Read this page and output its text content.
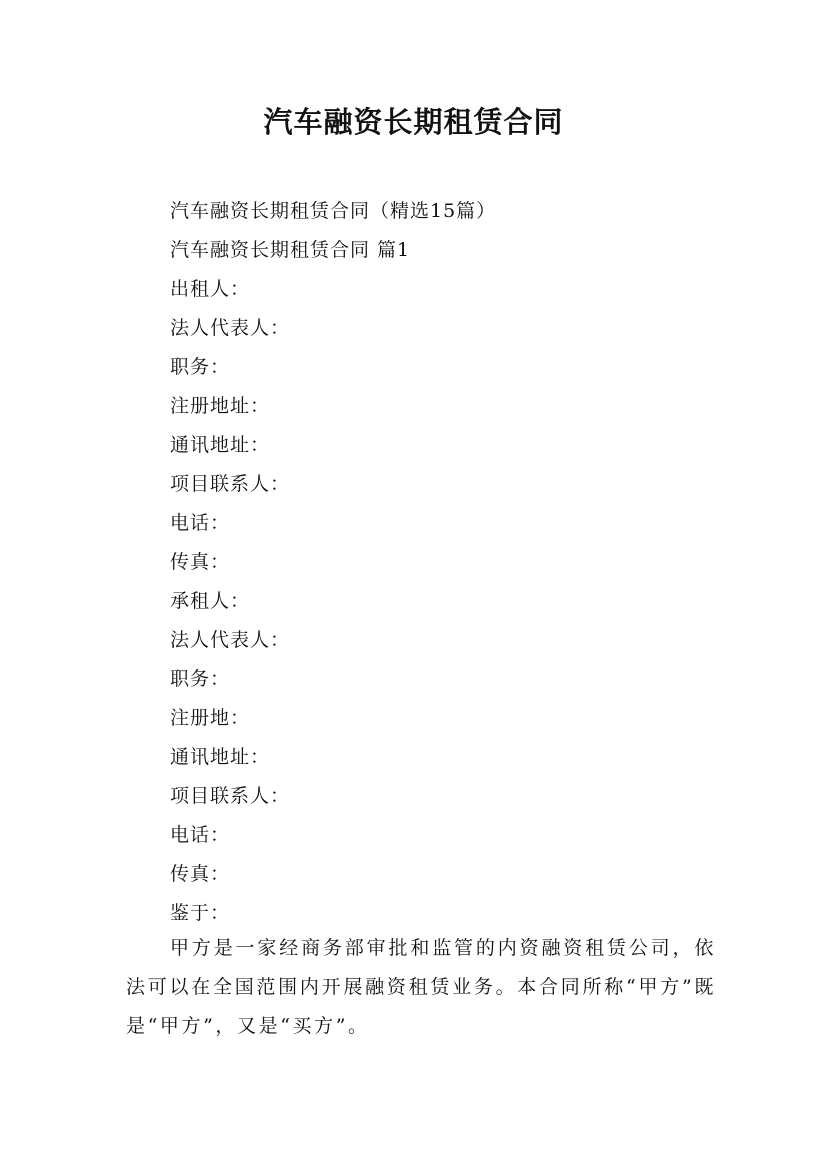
汽车融资长期租赁合同
汽车融资长期租赁合同（精选15篇）
汽车融资长期租赁合同 篇1
出租人：
法人代表人：
职务：
注册地址：
通讯地址：
项目联系人：
电话：
传真：
承租人：
法人代表人：
职务：
注册地：
通讯地址：
项目联系人：
电话：
传真：
鉴于：
甲方是一家经商务部审批和监管的内资融资租赁公司，依法可以在全国范围内开展融资租赁业务。本合同所称“甲方”既是“甲方”，又是“买方”。
